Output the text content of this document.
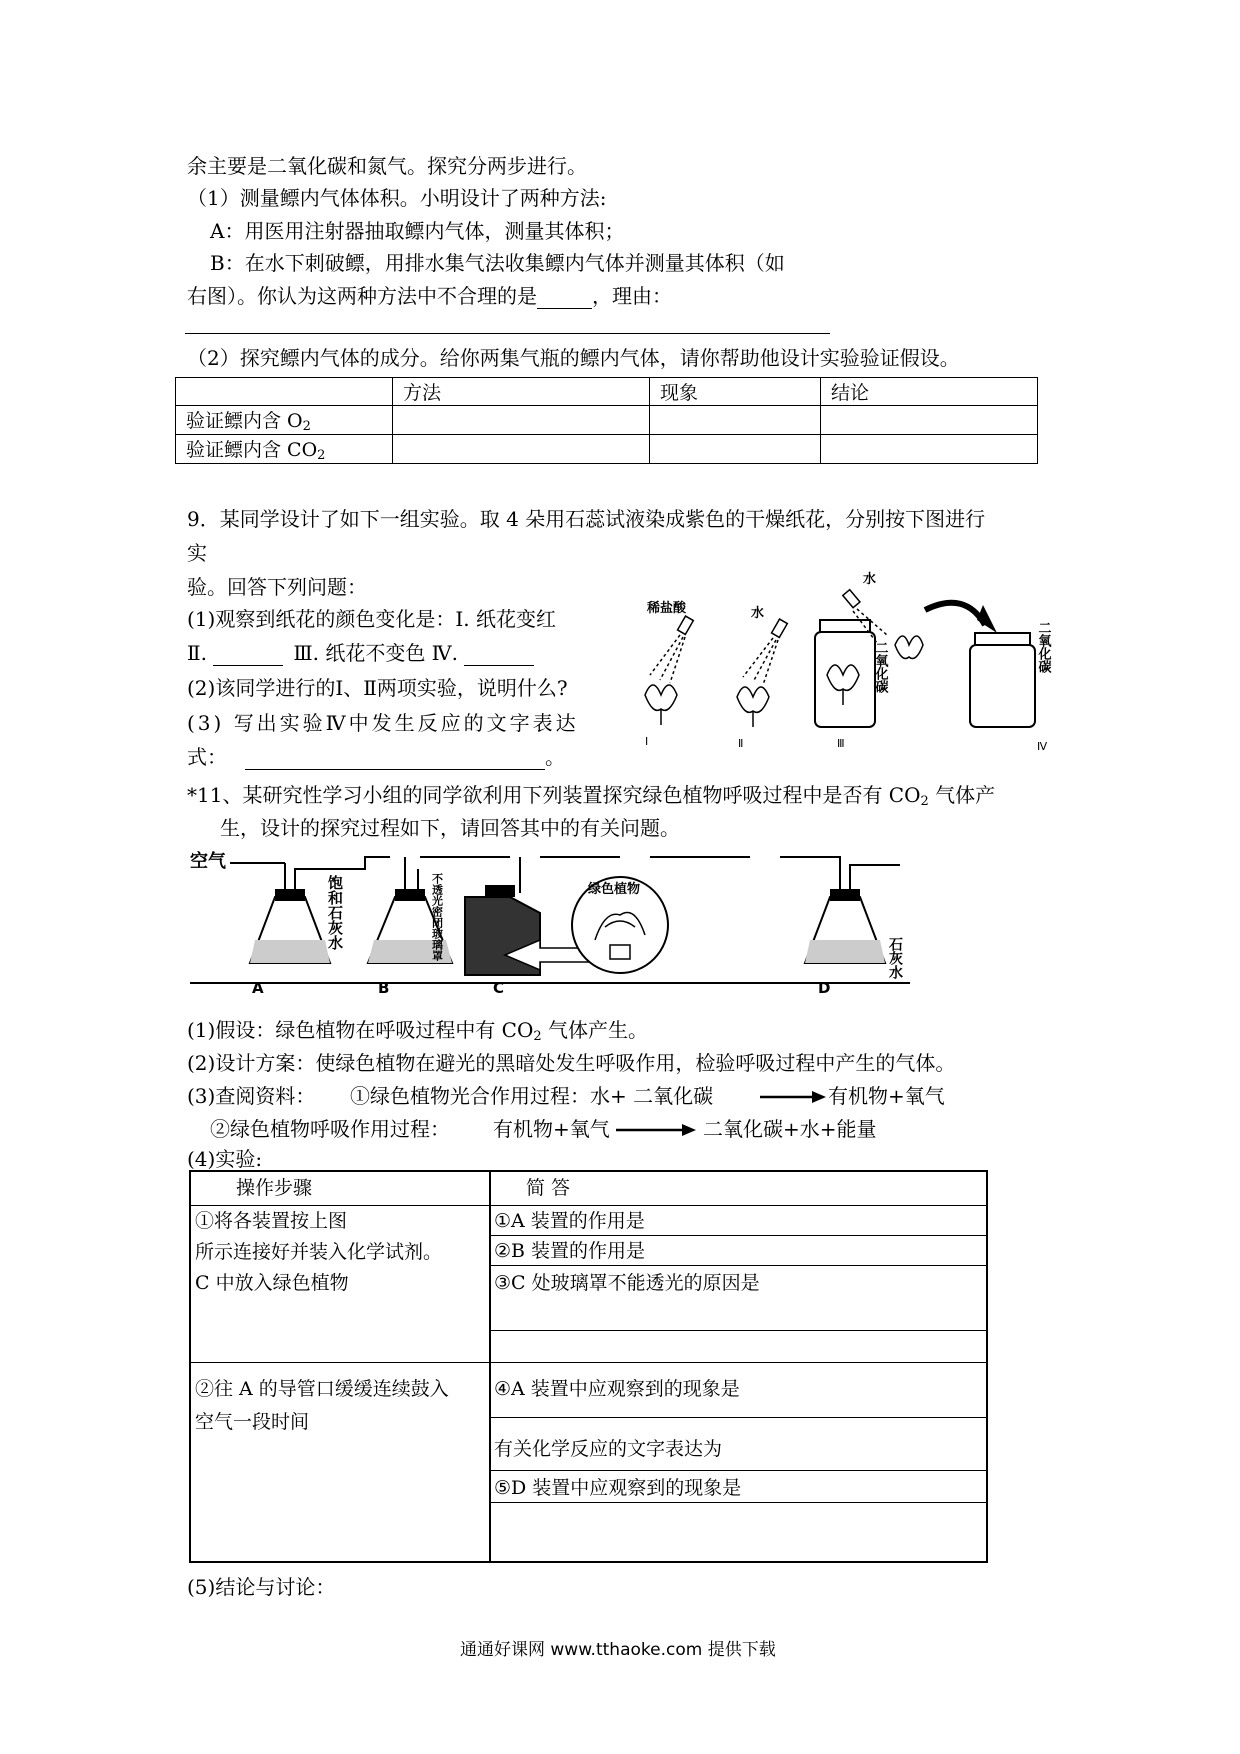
余主要是二氧化碳和氮气。探究分两步进行。
（1）测量鳔内气体体积。小明设计了两种方法:
A：用医用注射器抽取鳔内气体，测量其体积；
B：在水下刺破鳔，用排水集气法收集鳔内气体并测量其体积（如
右图）。你认为这两种方法中不合理的是	，理由：
（2）探究鳔内气体的成分。给你两集气瓶的鳔内气体，请你帮助他设计实验验证假设。
	方法	现象	结论
验证鳔内含 $O_2$			
验证鳔内含 $CO_2$			
9．某同学设计了如下一组实验。取 4 朵用石蕊试液染成紫色的干燥纸花，分别按下图进行
实
验。回答下列问题：
(1)观察到纸花的颜色变化是：Ⅰ. 纸花变红
Ⅱ.	Ⅲ. 纸花不变色 Ⅳ.
(2)该同学进行的Ⅰ、Ⅱ两项实验，说明什么?
(3) 写出实验Ⅳ中发生反应的文字表达
式：	。
稀盐酸
Ⅰ
水
Ⅱ
二氧化碳
Ⅲ
水
二氧化碳
Ⅳ
*11、某研究性学习小组的同学欲利用下列装置探究绿色植物呼吸过程中是否有 $CO_2$ 气体产
生，设计的探究过程如下，请回答其中的有关问题。
空气
A
饱和石灰水
B
不透光密闭玻璃罩
C
绿色植物
D
石灰水
(1)假设：绿色植物在呼吸过程中有 $CO_2$ 气体产生。
(2)设计方案：使绿色植物在避光的黑暗处发生呼吸作用，检验呼吸过程中产生的气体。
(3)查阅资料： ①绿色植物光合作用过程：水+ 二氧化碳 → 有机物+氧气
②绿色植物呼吸作用过程： 有机物+氧气 → 二氧化碳+水+能量
(4)实验:
操作步骤	简 答
①将各装置按上图
所示连接好并装入化学试剂。
C 中放入绿色植物
①A 装置的作用是
②B 装置的作用是
③C 处玻璃罩不能透光的原因是
②往 A 的导管口缓缓连续鼓入
空气一段时间
④A 装置中应观察到的现象是
有关化学反应的文字表达为
⑤D 装置中应观察到的现象是
(5)结论与讨论：
通通好课网 www.tthaoke.com 提供下载
